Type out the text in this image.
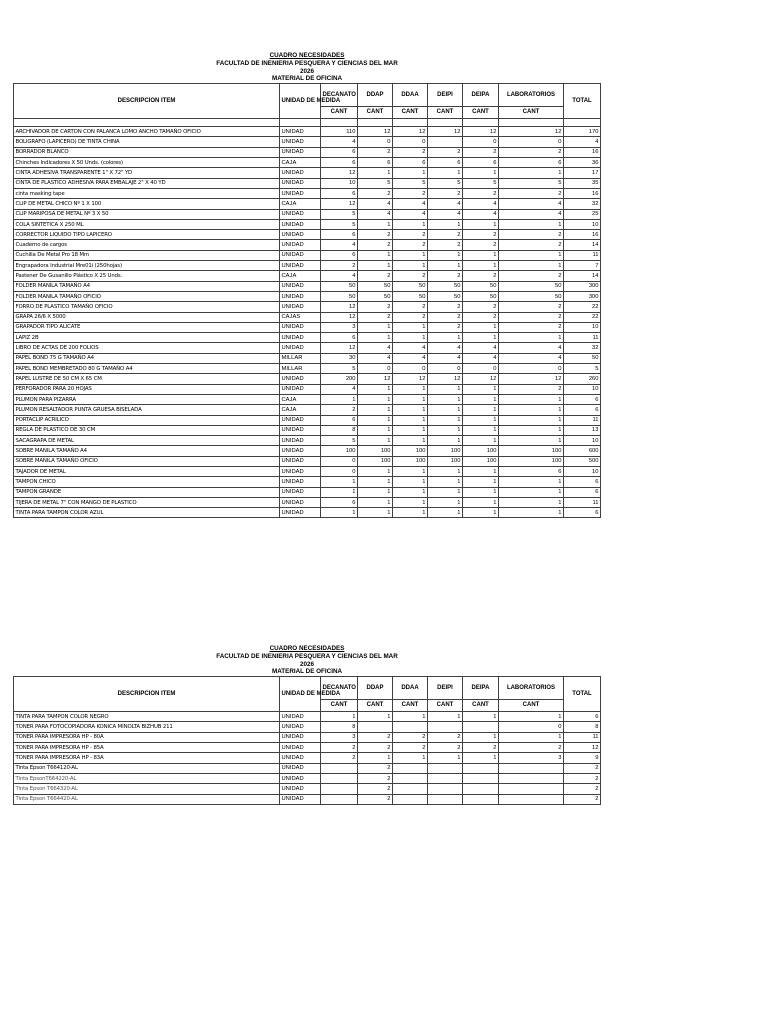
CUADRO NECESIDADES
FACULTAD DE INENIERIA PESQUERA Y CIENCIAS DEL MAR
2026
MATERIAL DE OFICINA
DESCRIPCION ITEM	UNIDAD DE MEDIDA	DECANATO	DDAP	DDAA	DEIPI	DEIPA	LABORATORIOS	TOTAL
		CANT	CANT	CANT	CANT	CANT	CANT	

ARCHIVADOR DE CARTON CON PALANCA LOMO ANCHO TAMAÑO OFICIO	UNIDAD	110	12	12	12	12	12	170
BOLIGRAFO (LAPICERO) DE TINTA CHINA	UNIDAD	4	0	0		0	0	4
BORRADOR BLANCO	UNIDAD	6	2	2	2	2	2	16
Chinches Indicadores X 50 Unds. (colores)	CAJA	6	6	6	6	6	6	36
CINTA ADHESIVA TRANSPARENTE 1" X 72" YD	UNIDAD	12	1	1	1	1	1	17
CINTA DE PLASTICO ADHESIVA PARA EMBALAJE 2" X 40 YD	UNIDAD	10	5	5	5	5	5	35
cinta masking tape	UNIDAD	6	2	2	2	2	2	16
CLIP DE METAL CHICO Nº 1 X 100	CAJA	12	4	4	4	4	4	32
CLIP MARIPOSA DE METAL Nº 3 X 50	UNIDAD	5	4	4	4	4	4	25
COLA SINTETICA X 250 ML	UNIDAD	5	1	1	1	1	1	10
CORRECTOR LIQUIDO TIPO LAPICERO	UNIDAD	6	2	2	2	2	2	16
Cuaderno de cargos	UNIDAD	4	2	2	2	2	2	14
Cuchilla De Metal Pro 18 Mm	UNIDAD	6	1	1	1	1	1	11
Engrapadora Industrial Mre01i (250hojas)	UNIDAD	2	1	1	1	1	1	7
Pastener De Gusanillo Plástico X 25 Unds.	CAJA	4	2	2	2	2	2	14
FOLDER MANILA TAMAÑO A4	UNIDAD	50	50	50	50	50	50	300
FOLDER MANILA TAMAÑO OFICIO	UNIDAD	50	50	50	50	50	50	300
FORRO DE PLASTICO TAMAÑO OFICIO	UNIDAD	12	2	2	2	2	2	22
GRAPA 26/6 X 5000	CAJAS	12	2	2	2	2	2	22
GRAPADOR TIPO ALICATE	UNIDAD	3	1	1	2	1	2	10
LAPIZ 2B	UNIDAD	6	1	1	1	1	1	11
LIBRO DE ACTAS DE 200 FOLIOS	UNIDAD	12	4	4	4	4	4	32
PAPEL BOND 75 G TAMAÑO A4	MILLAR	30	4	4	4	4	4	50
PAPEL BOND MEMBRETADO 80 G TAMAÑO A4	MILLAR	5	0	0	0	0	0	5
PAPEL LUSTRE DE 50 CM X 65 CM	UNIDAD	200	12	12	12	12	12	260
PERFORADOR PARA 20 HOJAS	UNIDAD	4	1	1	1	1	2	10
PLUMON PARA PIZARRA	CAJA	1	1	1	1	1	1	6
PLUMON RESALTADOR PUNTA GRUESA BISELADA	CAJA	2	1	1	1	1	1	6
PORTACLIP ACRILICO	UNIDAD	6	1	1	1	1	1	11
REGLA DE PLASTICO DE 30 CM	UNIDAD	8	1	1	1	1	1	13
SACAGRAPA DE METAL	UNIDAD	5	1	1	1	1	1	10
SOBRE MANILA TAMAÑO A4	UNIDAD	100	100	100	100	100	100	600
SOBRE MANILA TAMAÑO OFICIO	UNIDAD	0	100	100	100	100	100	500
TAJADOR DE METAL	UNIDAD	0	1	1	1	1	6	10
TAMPON CHICO	UNIDAD	1	1	1	1	1	1	6
TAMPON GRANDE	UNIDAD	1	1	1	1	1	1	6
TIJERA DE METAL 7" CON MANGO DE PLASTICO	UNIDAD	6	1	1	1	1	1	11
TINTA PARA TAMPON COLOR AZUL	UNIDAD	1	1	1	1	1	1	6
CUADRO NECESIDADES
FACULTAD DE INENIERIA PESQUERA Y CIENCIAS DEL MAR
2026
MATERIAL DE OFICINA
DESCRIPCION ITEM	UNIDAD DE MEDIDA	DECANATO	DDAP	DDAA	DEIPI	DEIPA	LABORATORIOS	TOTAL
		CANT	CANT	CANT	CANT	CANT	CANT	
TINTA PARA TAMPON COLOR NEGRO	UNIDAD	1	1	1	1	1	1	6
TONER PARA FOTOCOPIADORA KONICA MINOLTA BIZHUB 211	UNIDAD	8					0	8
TONER PARA IMPRESORA HP - 80A	UNIDAD	3	2	2	2	1	1	11
TONER PARA IMPRESORA HP - 85A	UNIDAD	2	2	2	2	2	2	12
TONER PARA IMPRESORA HP - 83A	UNIDAD	2	1	1	1	1	3	9
Tinta Epson T664120-AL	UNIDAD		2					2
Tinta EpsonT664220-AL	UNIDAD		2					2
Tinta Epson T664320-AL	UNIDAD		2					2
Tinta Epson T664420-AL	UNIDAD		2					2
